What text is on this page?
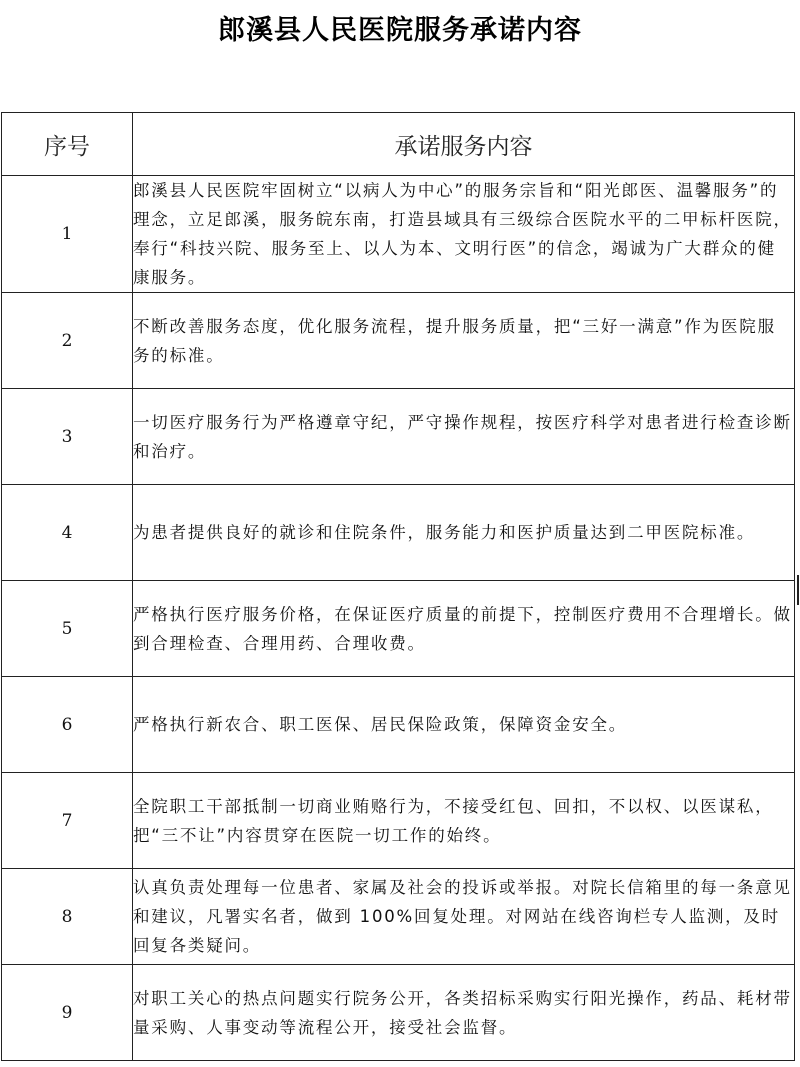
郎溪县人民医院服务承诺内容
序号	承诺服务内容
1	郎溪县人民医院牢固树立“以病人为中心”的服务宗旨和“阳光郎医、温馨服务”的理念，立足郎溪，服务皖东南，打造县域具有三级综合医院水平的二甲标杆医院，奉行“科技兴院、服务至上、以人为本、文明行医”的信念，竭诚为广大群众的健康服务。
2	不断改善服务态度，优化服务流程，提升服务质量，把“三好一满意”作为医院服务的标准。
3	一切医疗服务行为严格遵章守纪，严守操作规程，按医疗科学对患者进行检查诊断和治疗。
4	为患者提供良好的就诊和住院条件，服务能力和医护质量达到二甲医院标准。
5	严格执行医疗服务价格，在保证医疗质量的前提下，控制医疗费用不合理增长。做到合理检查、合理用药、合理收费。
6	严格执行新农合、职工医保、居民保险政策，保障资金安全。
7	全院职工干部抵制一切商业贿赂行为，不接受红包、回扣，不以权、以医谋私，把“三不让”内容贯穿在医院一切工作的始终。
8	认真负责处理每一位患者、家属及社会的投诉或举报。对院长信箱里的每一条意见和建议，凡署实名者，做到 100%回复处理。对网站在线咨询栏专人监测，及时回复各类疑问。
9	对职工关心的热点问题实行院务公开，各类招标采购实行阳光操作，药品、耗材带量采购、人事变动等流程公开，接受社会监督。
